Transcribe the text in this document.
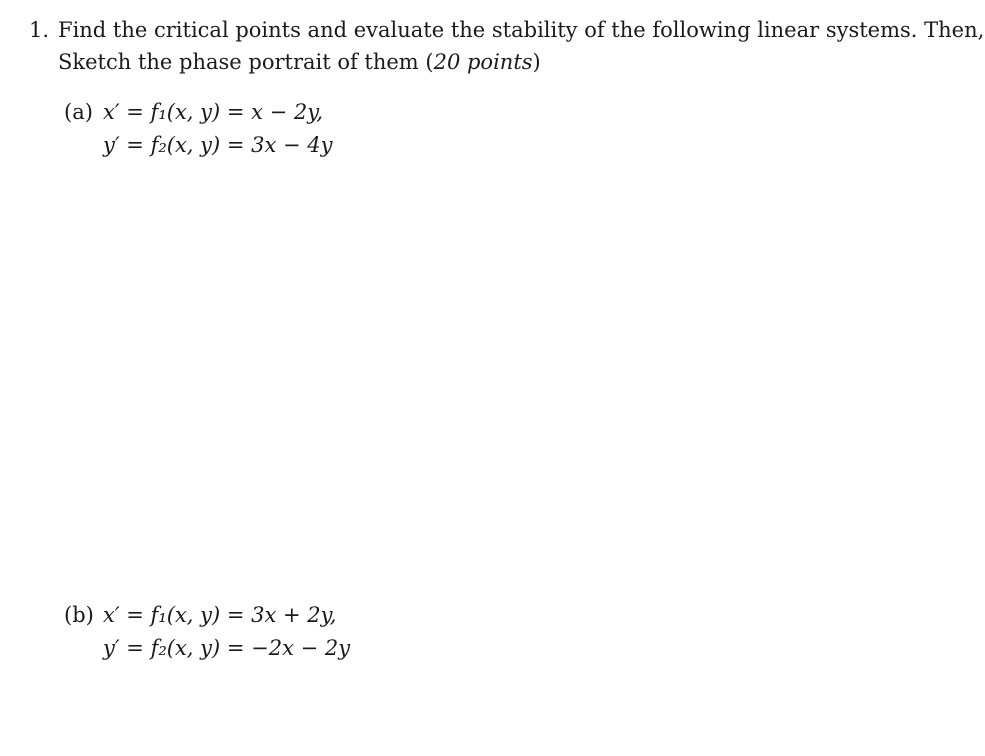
1. Find the critical points and evaluate the stability of the following linear systems. Then,
Sketch the phase portrait of them (20 points)
(a) x′ = f₁(x, y) = x − 2y,
y′ = f₂(x, y) = 3x − 4y
(b) x′ = f₁(x, y) = 3x + 2y,
y′ = f₂(x, y) = −2x − 2y
